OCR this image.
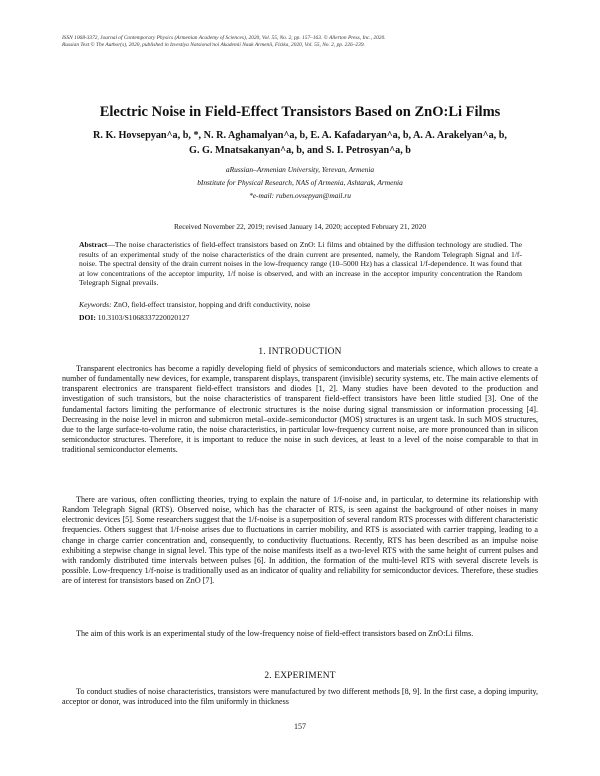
ISSN 1068-3372, Journal of Contemporary Physics (Armenian Academy of Sciences), 2020, Vol. 55, No. 2, pp. 157–163. © Allerton Press, Inc., 2020.
Russian Text © The Author(s), 2020, published in Izvestiya Natsional'noi Akademii Nauk Armenii, Fizika, 2020, Vol. 55, No. 2, pp. 226–239.
Electric Noise in Field-Effect Transistors Based on ZnO:Li Films
R. K. Hovsepyan^a, b, *, N. R. Aghamalyan^a, b, E. A. Kafadaryan^a, b, A. A. Arakelyan^a, b,
G. G. Mnatsakanyan^a, b, and S. I. Petrosyan^a, b
aRussian–Armenian University, Yerevan, Armenia
bInstitute for Physical Research, NAS of Armenia, Ashtarak, Armenia
*e-mail: ruben.ovsepyan@mail.ru
Received November 22, 2019; revised January 14, 2020; accepted February 21, 2020
Abstract—The noise characteristics of field-effect transistors based on ZnO: Li films and obtained by the diffusion technology are studied. The results of an experimental study of the noise characteristics of the drain current are presented, namely, the Random Telegraph Signal and 1/f-noise. The spectral density of the drain current noises in the low-frequency range (10–5000 Hz) has a classical 1/f-dependence. It was found that at low concentrations of the acceptor impurity, 1/f noise is observed, and with an increase in the acceptor impurity concentration the Random Telegraph Signal prevails.
Keywords: ZnO, field-effect transistor, hopping and drift conductivity, noise
DOI: 10.3103/S1068337220020127
1. INTRODUCTION
Transparent electronics has become a rapidly developing field of physics of semiconductors and materials science, which allows to create a number of fundamentally new devices, for example, transparent displays, transparent (invisible) security systems, etc. The main active elements of transparent electronics are transparent field-effect transistors and diodes [1, 2]. Many studies have been devoted to the production and investigation of such transistors, but the noise characteristics of transparent field-effect transistors have been little studied [3]. One of the fundamental factors limiting the performance of electronic structures is the noise during signal transmission or information processing [4]. Decreasing in the noise level in micron and submicron metal–oxide–semiconductor (MOS) structures is an urgent task. In such MOS structures, due to the large surface-to-volume ratio, the noise characteristics, in particular low-frequency current noise, are more pronounced than in silicon semiconductor structures. Therefore, it is important to reduce the noise in such devices, at least to a level of the noise comparable to that in traditional semiconductor elements.
There are various, often conflicting theories, trying to explain the nature of 1/f-noise and, in particular, to determine its relationship with Random Telegraph Signal (RTS). Observed noise, which has the character of RTS, is seen against the background of other noises in many electronic devices [5]. Some researchers suggest that the 1/f-noise is a superposition of several random RTS processes with different characteristic frequencies. Others suggest that 1/f-noise arises due to fluctuations in carrier mobility, and RTS is associated with carrier trapping, leading to a change in charge carrier concentration and, consequently, to conductivity fluctuations. Recently, RTS has been described as an impulse noise exhibiting a stepwise change in signal level. This type of the noise manifests itself as a two-level RTS with the same height of current pulses and with randomly distributed time intervals between pulses [6]. In addition, the formation of the multi-level RTS with several discrete levels is possible. Low-frequency 1/f-noise is traditionally used as an indicator of quality and reliability for semiconductor devices. Therefore, these studies are of interest for transistors based on ZnO [7].
The aim of this work is an experimental study of the low-frequency noise of field-effect transistors based on ZnO:Li films.
2. EXPERIMENT
To conduct studies of noise characteristics, transistors were manufactured by two different methods [8, 9]. In the first case, a doping impurity, acceptor or donor, was introduced into the film uniformly in thickness
157
